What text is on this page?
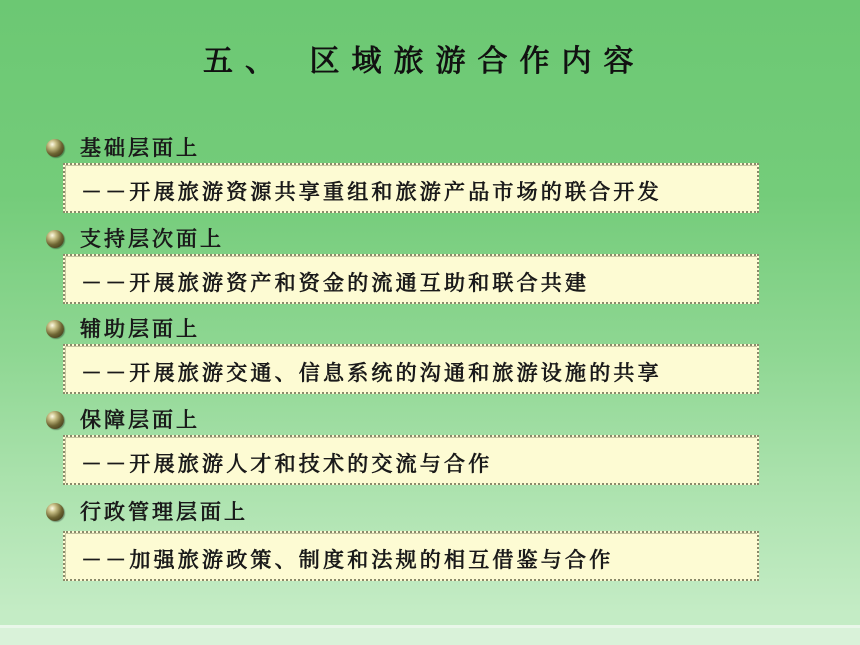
五、 区域旅游合作内容
基础层面上
－－开展旅游资源共享重组和旅游产品市场的联合开发
支持层次面上
－－开展旅游资产和资金的流通互助和联合共建
辅助层面上
－－开展旅游交通、信息系统的沟通和旅游设施的共享
保障层面上
－－开展旅游人才和技术的交流与合作
行政管理层面上
－－加强旅游政策、制度和法规的相互借鉴与合作
